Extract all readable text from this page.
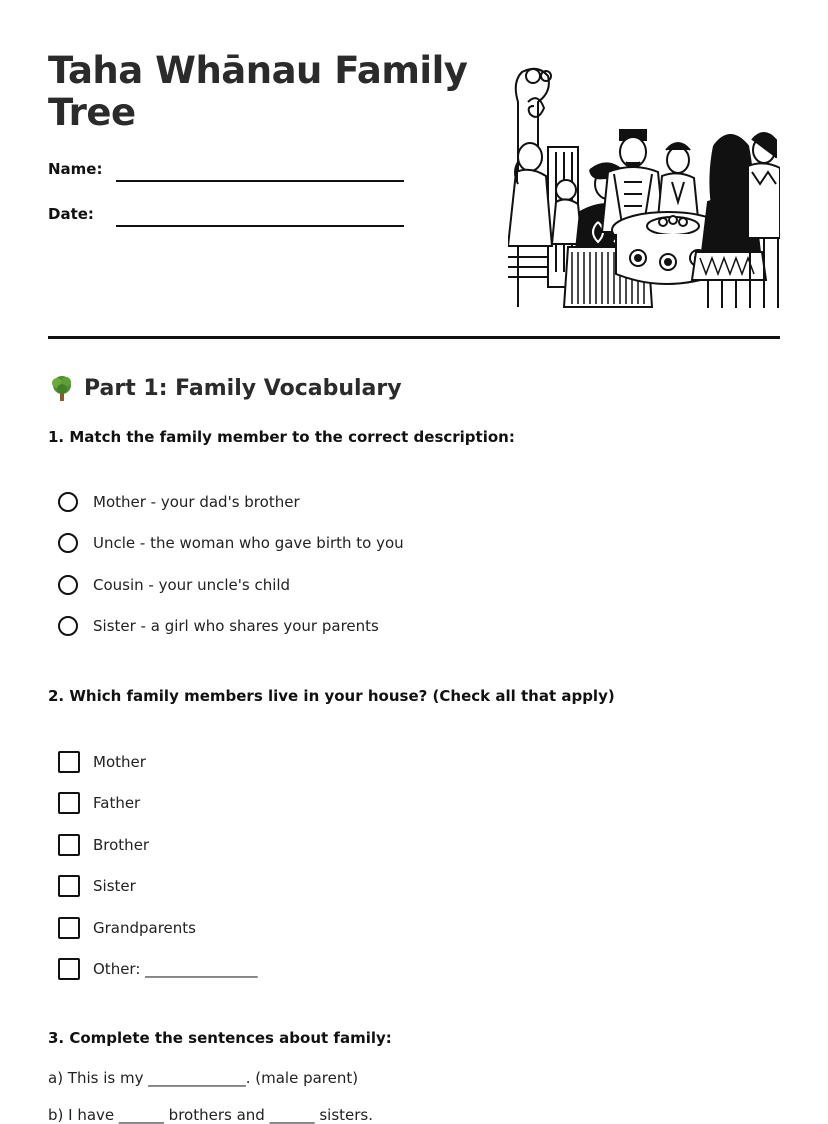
Taha Whānau Family Tree
Name:
Date:
Part 1: Family Vocabulary
1. Match the family member to the correct description:
Mother - your dad's brother
Uncle - the woman who gave birth to you
Cousin - your uncle's child
Sister - a girl who shares your parents
2. Which family members live in your house? (Check all that apply)
Mother
Father
Brother
Sister
Grandparents
Other: _______________
3. Complete the sentences about family:
a) This is my _____________. (male parent)
b) I have ______ brothers and ______ sisters.
